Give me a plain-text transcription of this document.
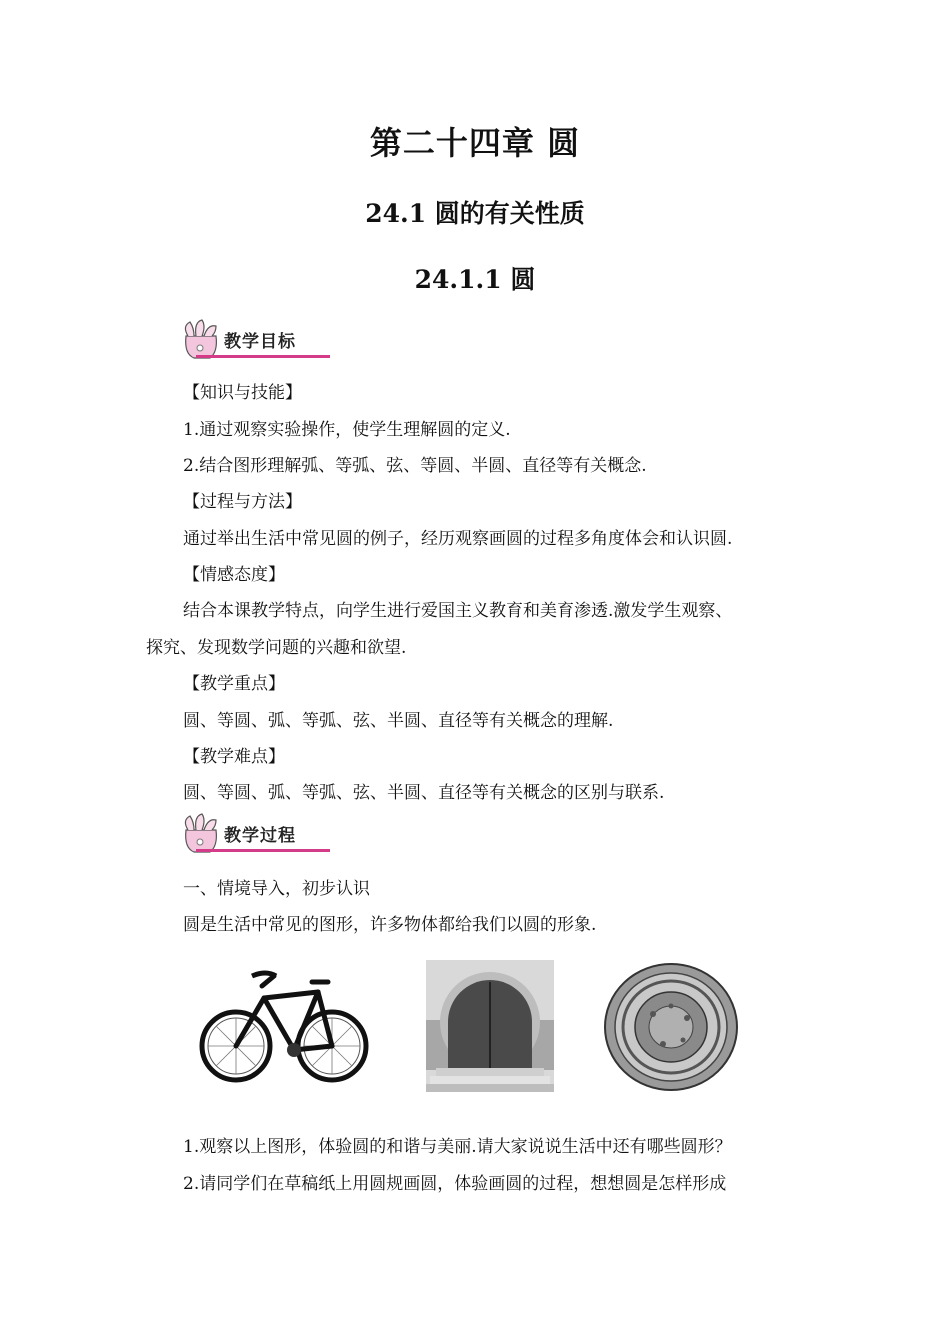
第二十四章 圆
24.1 圆的有关性质
24.1.1 圆
教学目标
【知识与技能】
1.通过观察实验操作，使学生理解圆的定义.
2.结合图形理解弧、等弧、弦、等圆、半圆、直径等有关概念.
【过程与方法】
通过举出生活中常见圆的例子，经历观察画圆的过程多角度体会和认识圆.
【情感态度】
结合本课教学特点，向学生进行爱国主义教育和美育渗透.激发学生观察、
探究、发现数学问题的兴趣和欲望.
【教学重点】
圆、等圆、弧、等弧、弦、半圆、直径等有关概念的理解.
【教学难点】
圆、等圆、弧、等弧、弦、半圆、直径等有关概念的区别与联系.
教学过程
一、情境导入，初步认识
圆是生活中常见的图形，许多物体都给我们以圆的形象.
1.观察以上图形，体验圆的和谐与美丽.请大家说说生活中还有哪些圆形？
2.请同学们在草稿纸上用圆规画圆，体验画圆的过程，想想圆是怎样形成
